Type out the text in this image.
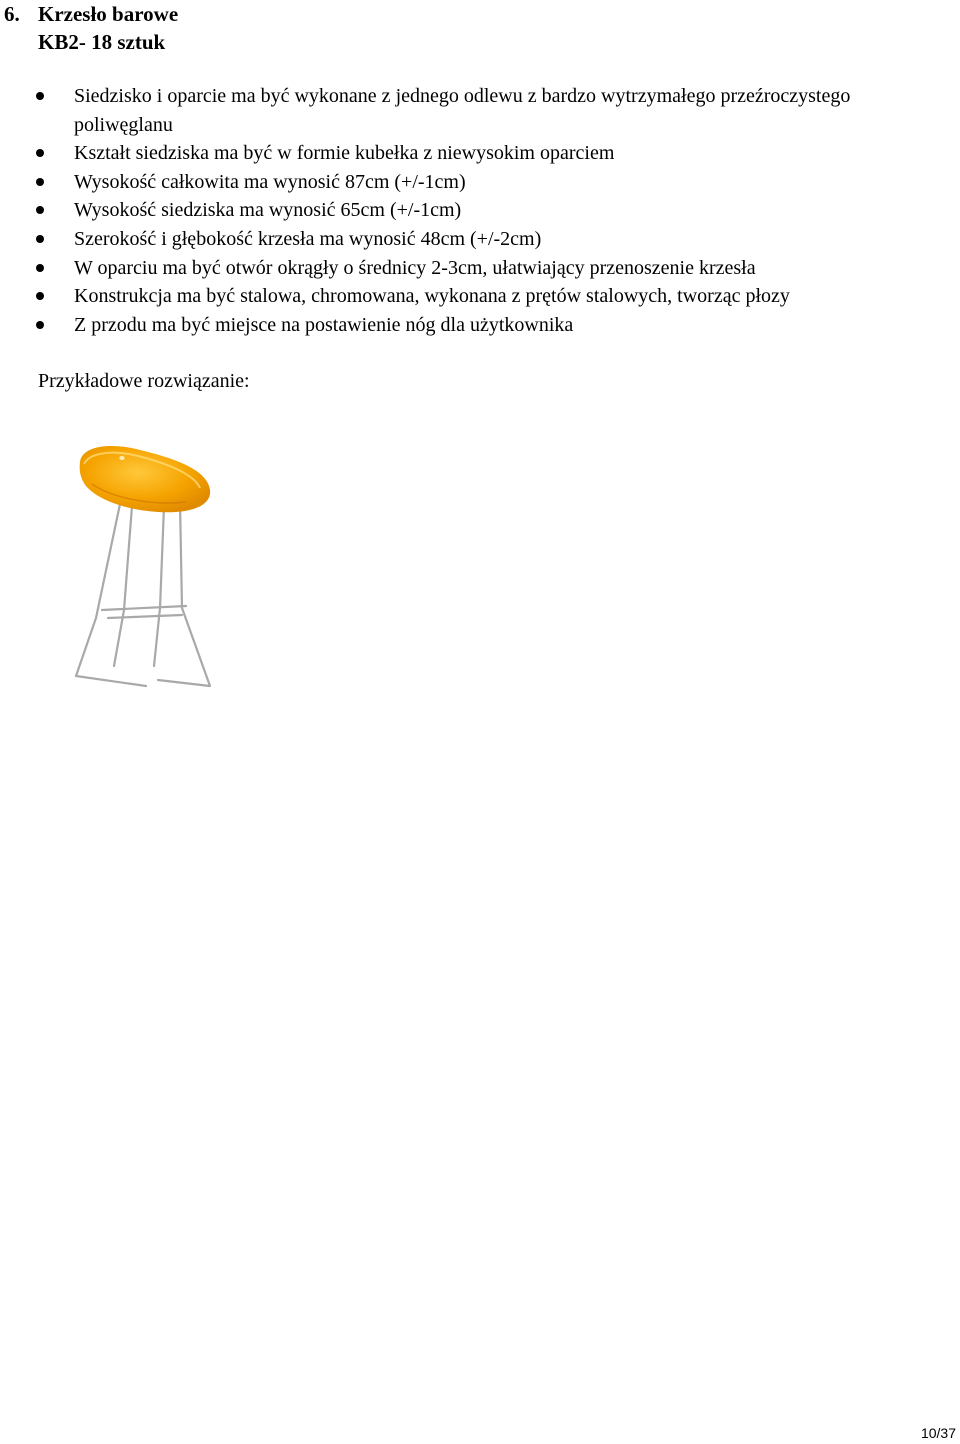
6. Krzesło barowe
KB2- 18 sztuk
Siedzisko i oparcie ma być wykonane z jednego odlewu z bardzo wytrzymałego przeźroczystego poliwęglanu
Kształt siedziska ma być w formie kubełka z niewysokim oparciem
Wysokość całkowita ma wynosić 87cm (+/-1cm)
Wysokość siedziska ma wynosić 65cm (+/-1cm)
Szerokość i głębokość krzesła ma wynosić 48cm (+/-2cm)
W oparciu ma być otwór okrągły o średnicy 2-3cm, ułatwiający przenoszenie krzesła
Konstrukcja ma być stalowa, chromowana, wykonana z prętów stalowych, tworząc płozy
Z przodu ma być miejsce na postawienie nóg dla użytkownika
Przykładowe rozwiązanie:
10/37
